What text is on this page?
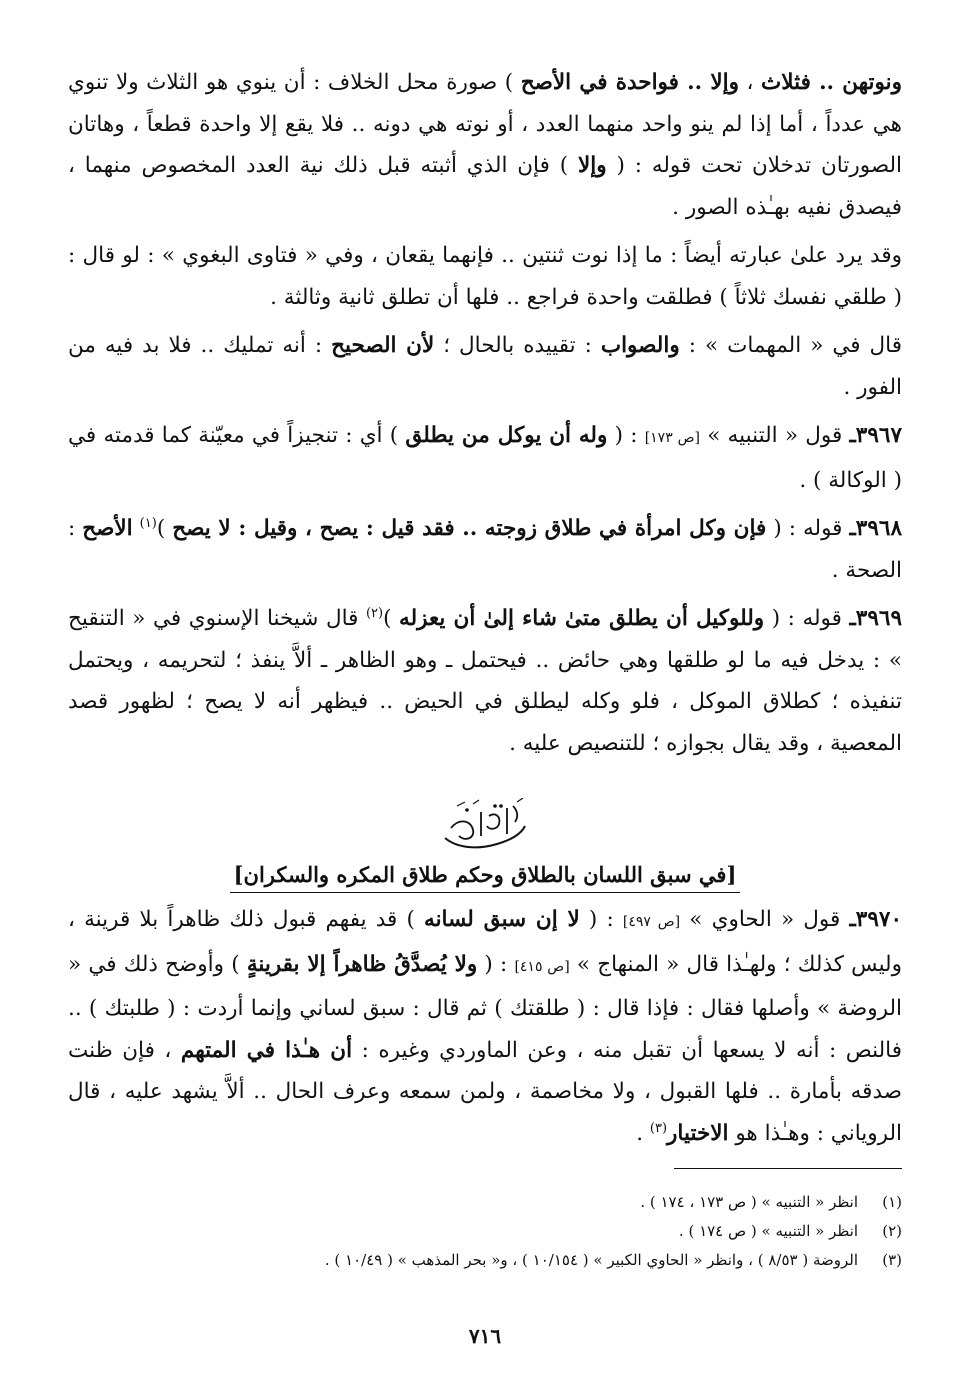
ونوتهن .. فثلاث ، وإلا .. فواحدة في الأصح ) صورة محل الخلاف : أن ينوي هو الثلاث ولا تنوي هي عدداً ، أما إذا لم ينو واحد منهما العدد ، أو نوته هي دونه .. فلا يقع إلا واحدة قطعاً ، وهاتان الصورتان تدخلان تحت قوله : ( وإلا ) فإن الذي أثبته قبل ذلك نية العدد المخصوص منهما ، فيصدق نفيه بهـٰذه الصور .

وقد يرد علىٰ عبارته أيضاً : ما إذا نوت ثنتين .. فإنهما يقعان ، وفي « فتاوى البغوي » : لو قال : ( طلقي نفسك ثلاثاً ) فطلقت واحدة فراجع .. فلها أن تطلق ثانية وثالثة .

قال في « المهمات » : والصواب : تقييده بالحال ؛ لأن الصحيح : أنه تمليك .. فلا بد فيه من الفور .

٣٩٦٧ـ قول « التنبيه » [ص ١٧٣] : ( وله أن يوكل من يطلق ) أي : تنجيزاً في معيّنة كما قدمته في ( الوكالة ) .

٣٩٦٨ـ قوله : ( فإن وكل امرأة في طلاق زوجته .. فقد قيل : يصح ، وقيل : لا يصح )$^{(١)}$ الأصح : الصحة .

٣٩٦٩ـ قوله : ( وللوكيل أن يطلق متىٰ شاء إلىٰ أن يعزله )$^{(٢)}$ قال شيخنا الإسنوي في « التنقيح » : يدخل فيه ما لو طلقها وهي حائض .. فيحتمل ـ وهو الظاهر ـ ألاَّ ينفذ ؛ لتحريمه ، ويحتمل تنفيذه ؛ كطلاق الموكل ، فلو وكله ليطلق في الحيض .. فيظهر أنه لا يصح ؛ لظهور قصد المعصية ، وقد يقال بجوازه ؛ للتنصيص عليه .

فصل
[في سبق اللسان بالطلاق وحكم طلاق المكره والسكران]

٣٩٧٠ـ قول « الحاوي » [ص ٤٩٧] : ( لا إن سبق لسانه ) قد يفهم قبول ذلك ظاهراً بلا قرينة ، وليس كذلك ؛ ولهـٰذا قال « المنهاج » [ص ٤١٥] : ( ولا يُصدَّقُ ظاهراً إلا بقرينةٍ ) وأوضح ذلك في « الروضة » وأصلها فقال : فإذا قال : ( طلقتك ) ثم قال : سبق لساني وإنما أردت : ( طلبتك ) .. فالنص : أنه لا يسعها أن تقبل منه ، وعن الماوردي وغيره : أن هـٰذا في المتهم ، فإن ظنت صدقه بأمارة .. فلها القبول ، ولا مخاصمة ، ولمن سمعه وعرف الحال .. ألاَّ يشهد عليه ، قال الروياني : وهـٰذا هو الاختيار$^{(٣)}$ .

(١)
انظر « التنبيه » ( ص ١٧٣ ، ١٧٤ ) .
(٢)
انظر « التنبيه » ( ص ١٧٤ ) .
(٣)
الروضة ( ٨/٥٣ ) ، وانظر « الحاوي الكبير » ( ١٠/١٥٤ ) ، و« بحر المذهب » ( ١٠/٤٩ ) .
٧١٦
